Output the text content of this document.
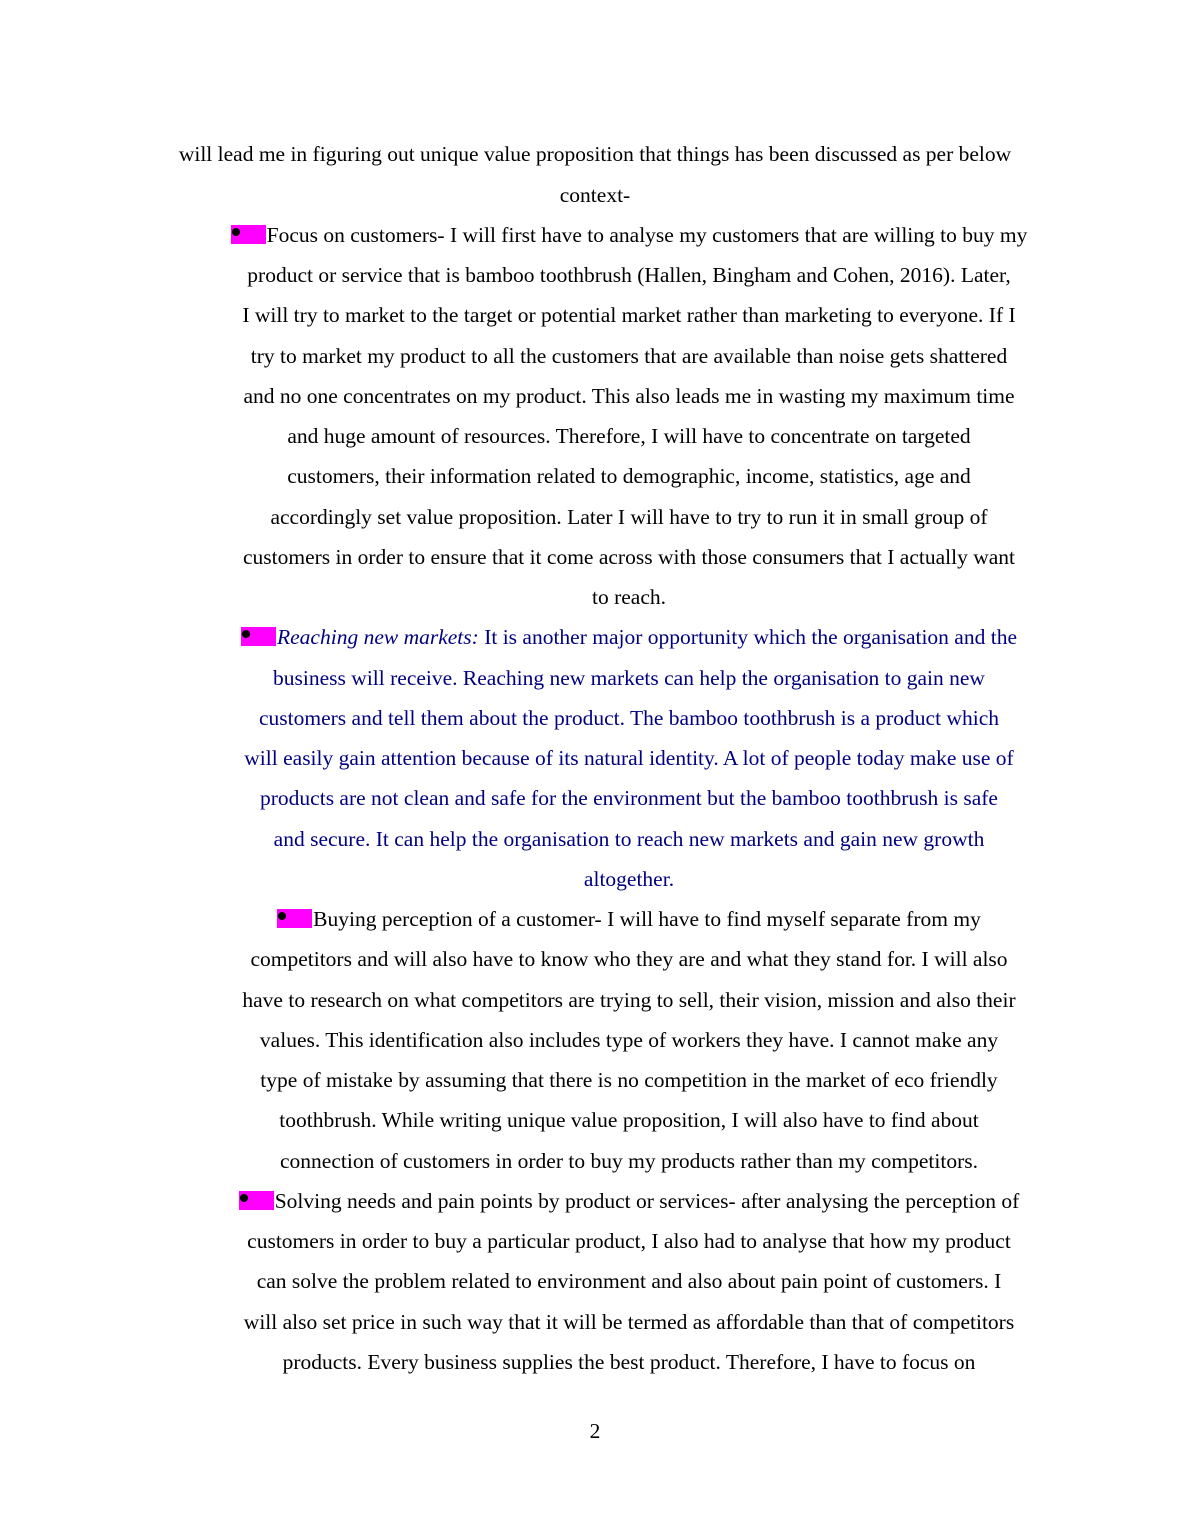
will lead me in figuring out unique value proposition that things has been discussed as per below
context-
Focus on customers- I will first have to analyse my customers that are willing to buy my
product or service that is bamboo toothbrush (Hallen, Bingham and Cohen, 2016). Later,
I will try to market to the target or potential market rather than marketing to everyone. If I
try to market my product to all the customers that are available than noise gets shattered
and no one concentrates on my product. This also leads me in wasting my maximum time
and huge amount of resources. Therefore, I will have to concentrate on targeted
customers, their information related to demographic, income, statistics, age and
accordingly set value proposition. Later I will have to try to run it in small group of
customers in order to ensure that it come across with those consumers that I actually want
to reach.
Reaching new markets: It is another major opportunity which the organisation and the
business will receive. Reaching new markets can help the organisation to gain new
customers and tell them about the product. The bamboo toothbrush is a product which
will easily gain attention because of its natural identity. A lot of people today make use of
products are not clean and safe for the environment but the bamboo toothbrush is safe
and secure. It can help the organisation to reach new markets and gain new growth
altogether.
Buying perception of a customer- I will have to find myself separate from my
competitors and will also have to know who they are and what they stand for. I will also
have to research on what competitors are trying to sell, their vision, mission and also their
values. This identification also includes type of workers they have. I cannot make any
type of mistake by assuming that there is no competition in the market of eco friendly
toothbrush. While writing unique value proposition, I will also have to find about
connection of customers in order to buy my products rather than my competitors.
Solving needs and pain points by product or services- after analysing the perception of
customers in order to buy a particular product, I also had to analyse that how my product
can solve the problem related to environment and also about pain point of customers. I
will also set price in such way that it will be termed as affordable than that of competitors
products. Every business supplies the best product. Therefore, I have to focus on
2
